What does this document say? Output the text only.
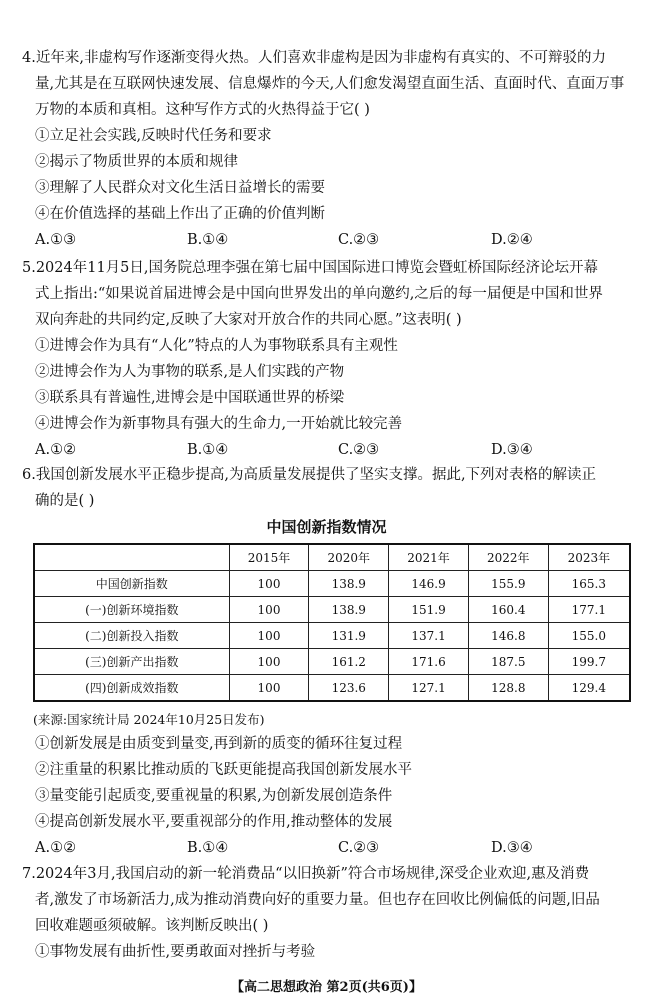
4.近年来,非虚构写作逐渐变得火热。人们喜欢非虚构是因为非虚构有真实的、不可辩驳的力
量,尤其是在互联网快速发展、信息爆炸的今天,人们愈发渴望直面生活、直面时代、直面万事
万物的本质和真相。这种写作方式的火热得益于它( )
①立足社会实践,反映时代任务和要求
②揭示了物质世界的本质和规律
③理解了人民群众对文化生活日益增长的需要
④在价值选择的基础上作出了正确的价值判断
A.①③	B.①④	C.②③	D.②④
5.2024年11月5日,国务院总理李强在第七届中国国际进口博览会暨虹桥国际经济论坛开幕
式上指出:“如果说首届进博会是中国向世界发出的单向邀约,之后的每一届便是中国和世界
双向奔赴的共同约定,反映了大家对开放合作的共同心愿。”这表明( )
①进博会作为具有“人化”特点的人为事物联系具有主观性
②进博会作为人为事物的联系,是人们实践的产物
③联系具有普遍性,进博会是中国联通世界的桥梁
④进博会作为新事物具有强大的生命力,一开始就比较完善
A.①②	B.①④	C.②③	D.③④
6.我国创新发展水平正稳步提高,为高质量发展提供了坚实支撑。据此,下列对表格的解读正
确的是( )
中国创新指数情况
	2015年	2020年	2021年	2022年	2023年
中国创新指数	100	138.9	146.9	155.9	165.3
(一)创新环境指数	100	138.9	151.9	160.4	177.1
(二)创新投入指数	100	131.9	137.1	146.8	155.0
(三)创新产出指数	100	161.2	171.6	187.5	199.7
(四)创新成效指数	100	123.6	127.1	128.8	129.4
(来源:国家统计局 2024年10月25日发布)
①创新发展是由质变到量变,再到新的质变的循环往复过程
②注重量的积累比推动质的飞跃更能提高我国创新发展水平
③量变能引起质变,要重视量的积累,为创新发展创造条件
④提高创新发展水平,要重视部分的作用,推动整体的发展
A.①②	B.①④	C.②③	D.③④
7.2024年3月,我国启动的新一轮消费品“以旧换新”符合市场规律,深受企业欢迎,惠及消费
者,激发了市场新活力,成为推动消费向好的重要力量。但也存在回收比例偏低的问题,旧品
回收难题亟须破解。该判断反映出( )
①事物发展有曲折性,要勇敢面对挫折与考验
【高二思想政治 第2页(共6页)】
